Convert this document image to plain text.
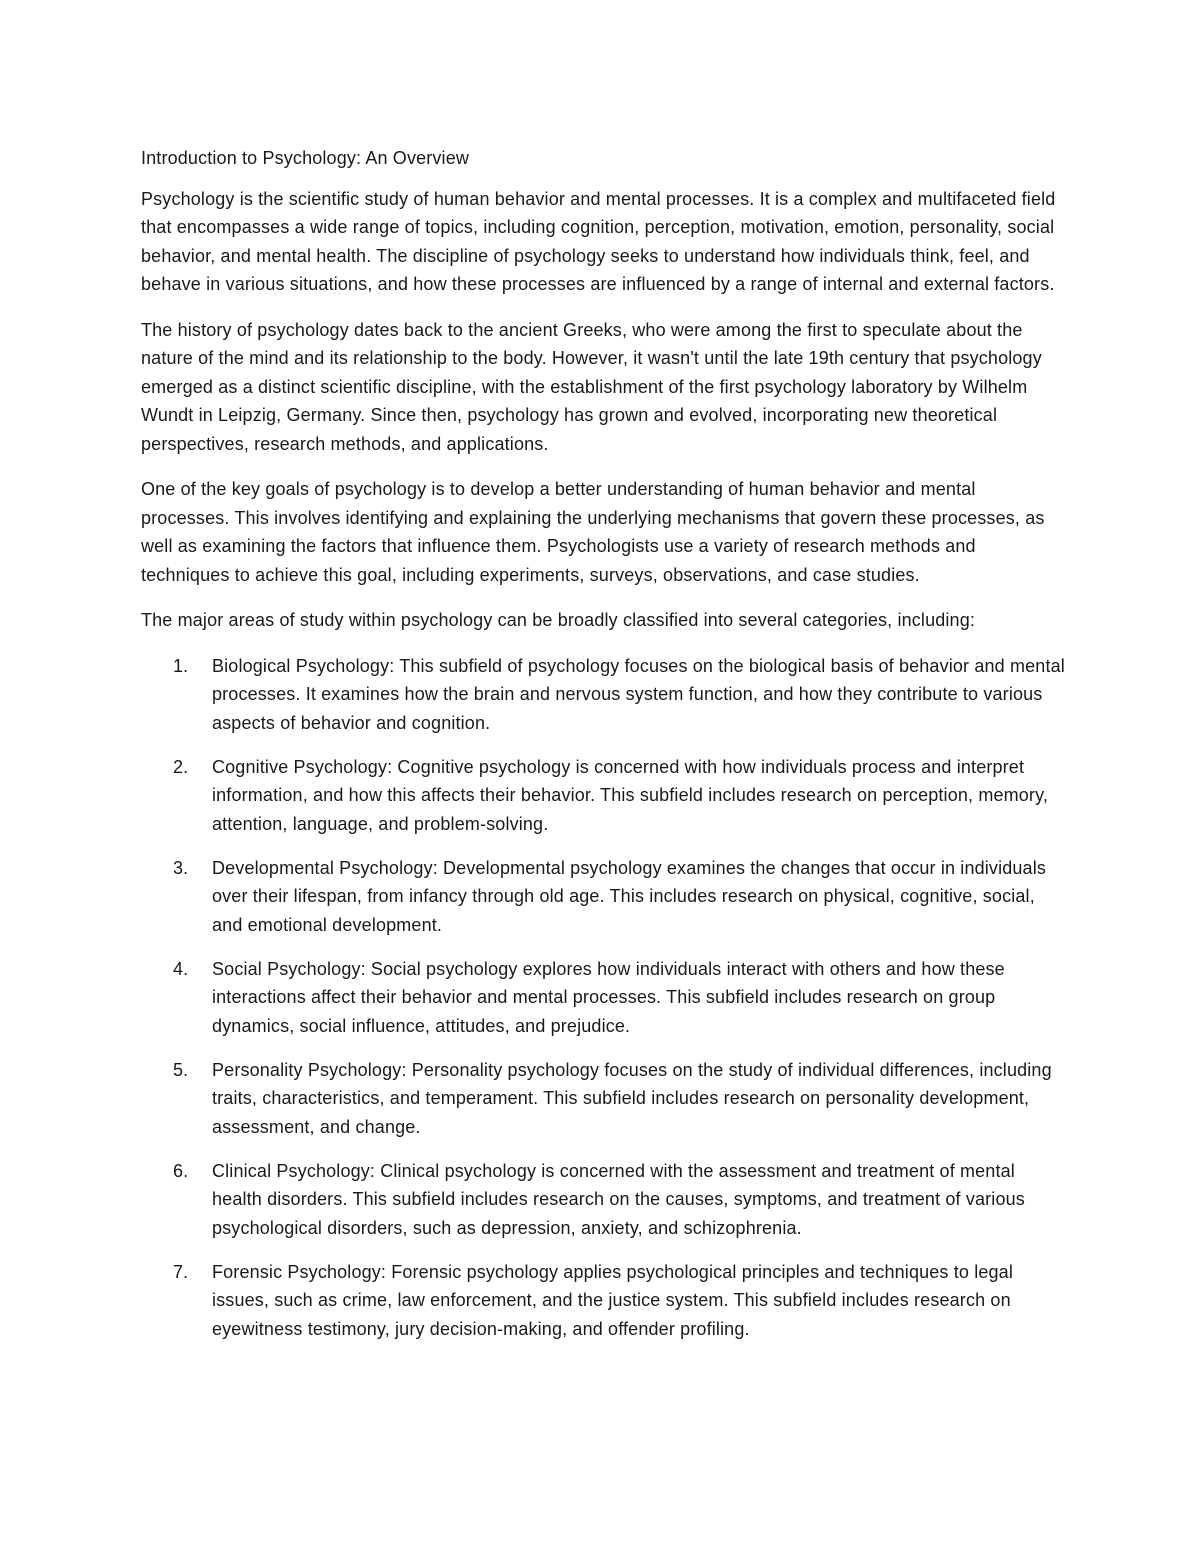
Introduction to Psychology: An Overview

Psychology is the scientific study of human behavior and mental processes. It is a complex and multifaceted field that encompasses a wide range of topics, including cognition, perception, motivation, emotion, personality, social behavior, and mental health. The discipline of psychology seeks to understand how individuals think, feel, and behave in various situations, and how these processes are influenced by a range of internal and external factors.

The history of psychology dates back to the ancient Greeks, who were among the first to speculate about the nature of the mind and its relationship to the body. However, it wasn't until the late 19th century that psychology emerged as a distinct scientific discipline, with the establishment of the first psychology laboratory by Wilhelm Wundt in Leipzig, Germany. Since then, psychology has grown and evolved, incorporating new theoretical perspectives, research methods, and applications.

One of the key goals of psychology is to develop a better understanding of human behavior and mental processes. This involves identifying and explaining the underlying mechanisms that govern these processes, as well as examining the factors that influence them. Psychologists use a variety of research methods and techniques to achieve this goal, including experiments, surveys, observations, and case studies.

The major areas of study within psychology can be broadly classified into several categories, including:

1. Biological Psychology: This subfield of psychology focuses on the biological basis of behavior and mental processes. It examines how the brain and nervous system function, and how they contribute to various aspects of behavior and cognition.
2. Cognitive Psychology: Cognitive psychology is concerned with how individuals process and interpret information, and how this affects their behavior. This subfield includes research on perception, memory, attention, language, and problem-solving.
3. Developmental Psychology: Developmental psychology examines the changes that occur in individuals over their lifespan, from infancy through old age. This includes research on physical, cognitive, social, and emotional development.
4. Social Psychology: Social psychology explores how individuals interact with others and how these interactions affect their behavior and mental processes. This subfield includes research on group dynamics, social influence, attitudes, and prejudice.
5. Personality Psychology: Personality psychology focuses on the study of individual differences, including traits, characteristics, and temperament. This subfield includes research on personality development, assessment, and change.
6. Clinical Psychology: Clinical psychology is concerned with the assessment and treatment of mental health disorders. This subfield includes research on the causes, symptoms, and treatment of various psychological disorders, such as depression, anxiety, and schizophrenia.
7. Forensic Psychology: Forensic psychology applies psychological principles and techniques to legal issues, such as crime, law enforcement, and the justice system. This subfield includes research on eyewitness testimony, jury decision-making, and offender profiling.
